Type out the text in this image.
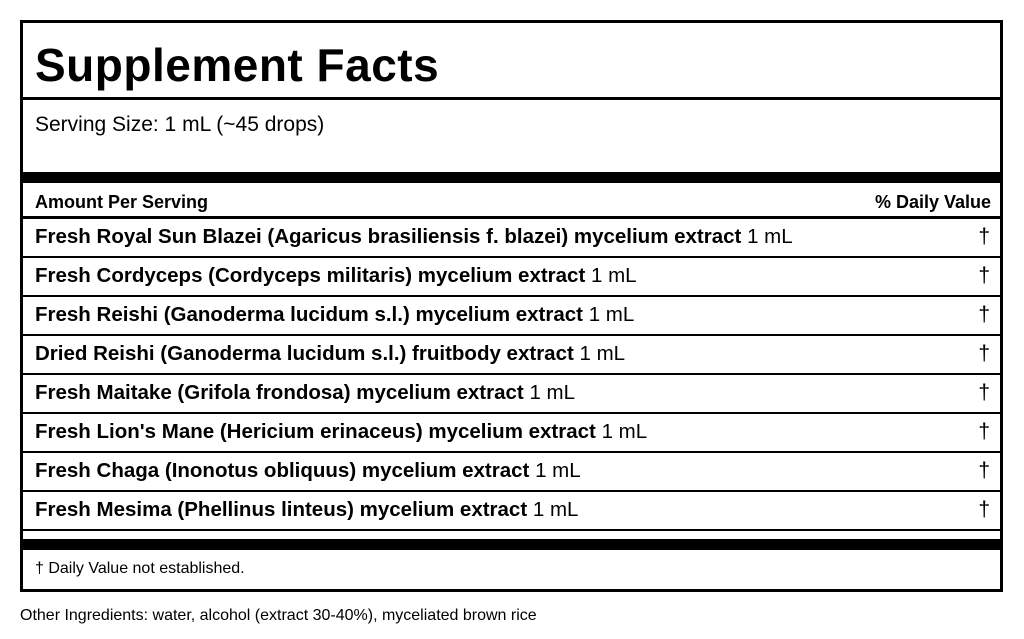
Supplement Facts
Serving Size: 1 mL (~45 drops)
Amount Per Serving	% Daily Value
Fresh Royal Sun Blazei (Agaricus brasiliensis f. blazei) mycelium extract 1 mL	†
Fresh Cordyceps (Cordyceps militaris) mycelium extract 1 mL	†
Fresh Reishi (Ganoderma lucidum s.l.) mycelium extract 1 mL	†
Dried Reishi (Ganoderma lucidum s.l.) fruitbody extract 1 mL	†
Fresh Maitake (Grifola frondosa) mycelium extract 1 mL	†
Fresh Lion's Mane (Hericium erinaceus) mycelium extract 1 mL	†
Fresh Chaga (Inonotus obliquus) mycelium extract 1 mL	†
Fresh Mesima (Phellinus linteus) mycelium extract 1 mL	†
† Daily Value not established.
Other Ingredients: water, alcohol (extract 30-40%), myceliated brown rice
